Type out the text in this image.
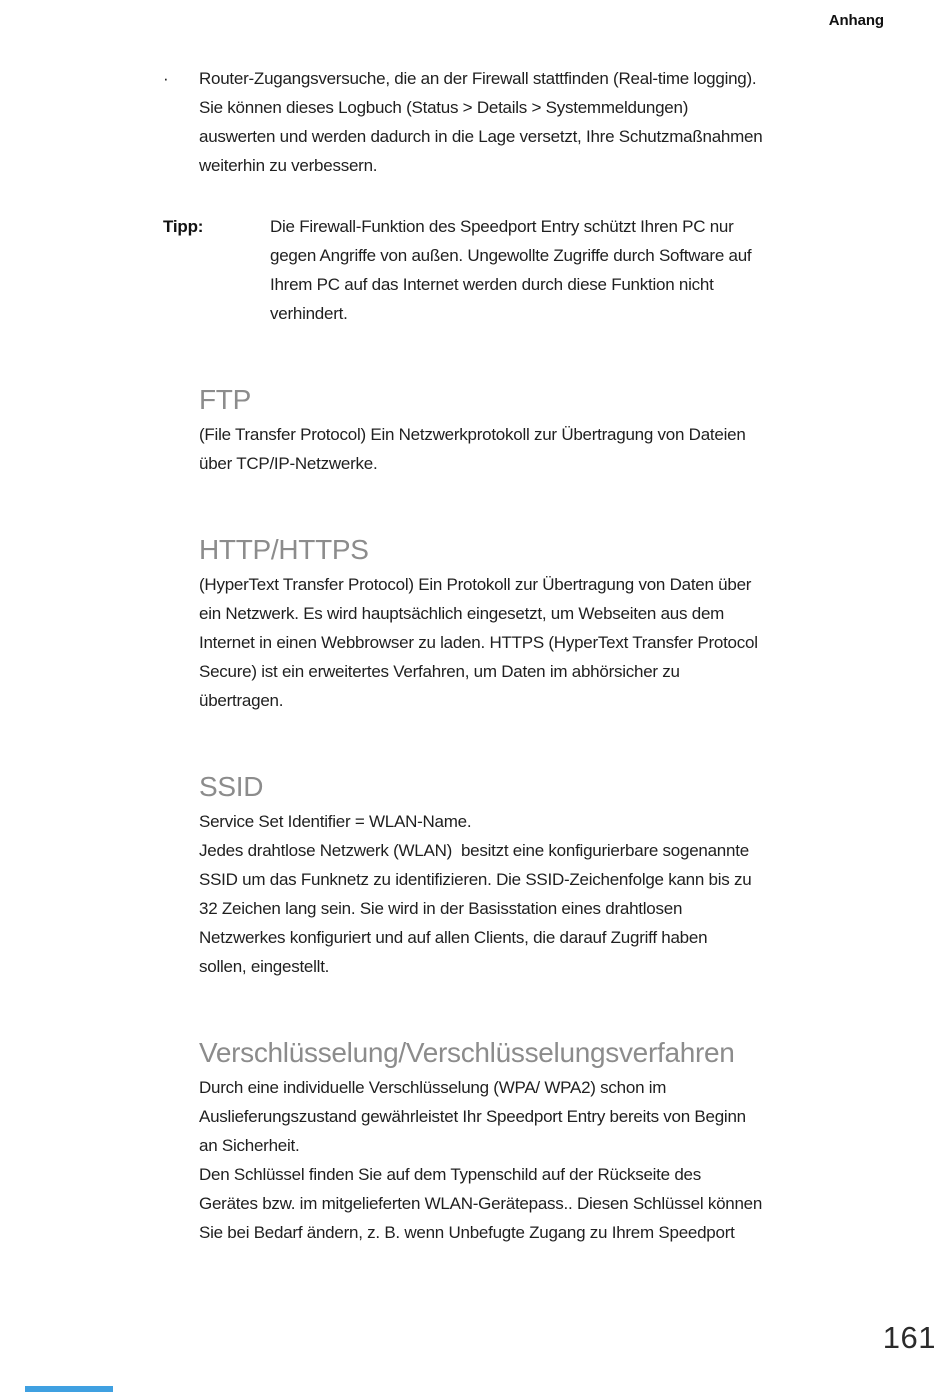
Anhang
·	Router-Zugangsversuche, die an der Firewall stattfinden (Real-time logging).
Sie können dieses Logbuch (Status > Details > Systemmeldungen)
auswerten und werden dadurch in die Lage versetzt, Ihre Schutzmaßnahmen
weiterhin zu verbessern.
Tipp:	Die Firewall-Funktion des Speedport Entry schützt Ihren PC nur
gegen Angriffe von außen. Ungewollte Zugriffe durch Software auf
Ihrem PC auf das Internet werden durch diese Funktion nicht
verhindert.
FTP
(File Transfer Protocol) Ein Netzwerkprotokoll zur Übertragung von Dateien
über TCP/IP-Netzwerke.
HTTP/HTTPS
(HyperText Transfer Protocol) Ein Protokoll zur Übertragung von Daten über
ein Netzwerk. Es wird hauptsächlich eingesetzt, um Webseiten aus dem
Internet in einen Webbrowser zu laden. HTTPS (HyperText Transfer Protocol
Secure) ist ein erweitertes Verfahren, um Daten im abhörsicher zu
übertragen.
SSID
Service Set Identifier = WLAN-Name.
Jedes drahtlose Netzwerk (WLAN)  besitzt eine konfigurierbare sogenannte
SSID um das Funknetz zu identifizieren. Die SSID-Zeichenfolge kann bis zu
32 Zeichen lang sein. Sie wird in der Basisstation eines drahtlosen
Netzwerkes konfiguriert und auf allen Clients, die darauf Zugriff haben
sollen, eingestellt.
Verschlüsselung/Verschlüsselungsverfahren
Durch eine individuelle Verschlüsselung (WPA/ WPA2) schon im
Auslieferungszustand gewährleistet Ihr Speedport Entry bereits von Beginn
an Sicherheit.
Den Schlüssel finden Sie auf dem Typenschild auf der Rückseite des
Gerätes bzw. im mitgelieferten WLAN-Gerätepass.. Diesen Schlüssel können
Sie bei Bedarf ändern, z. B. wenn Unbefugte Zugang zu Ihrem Speedport
161
